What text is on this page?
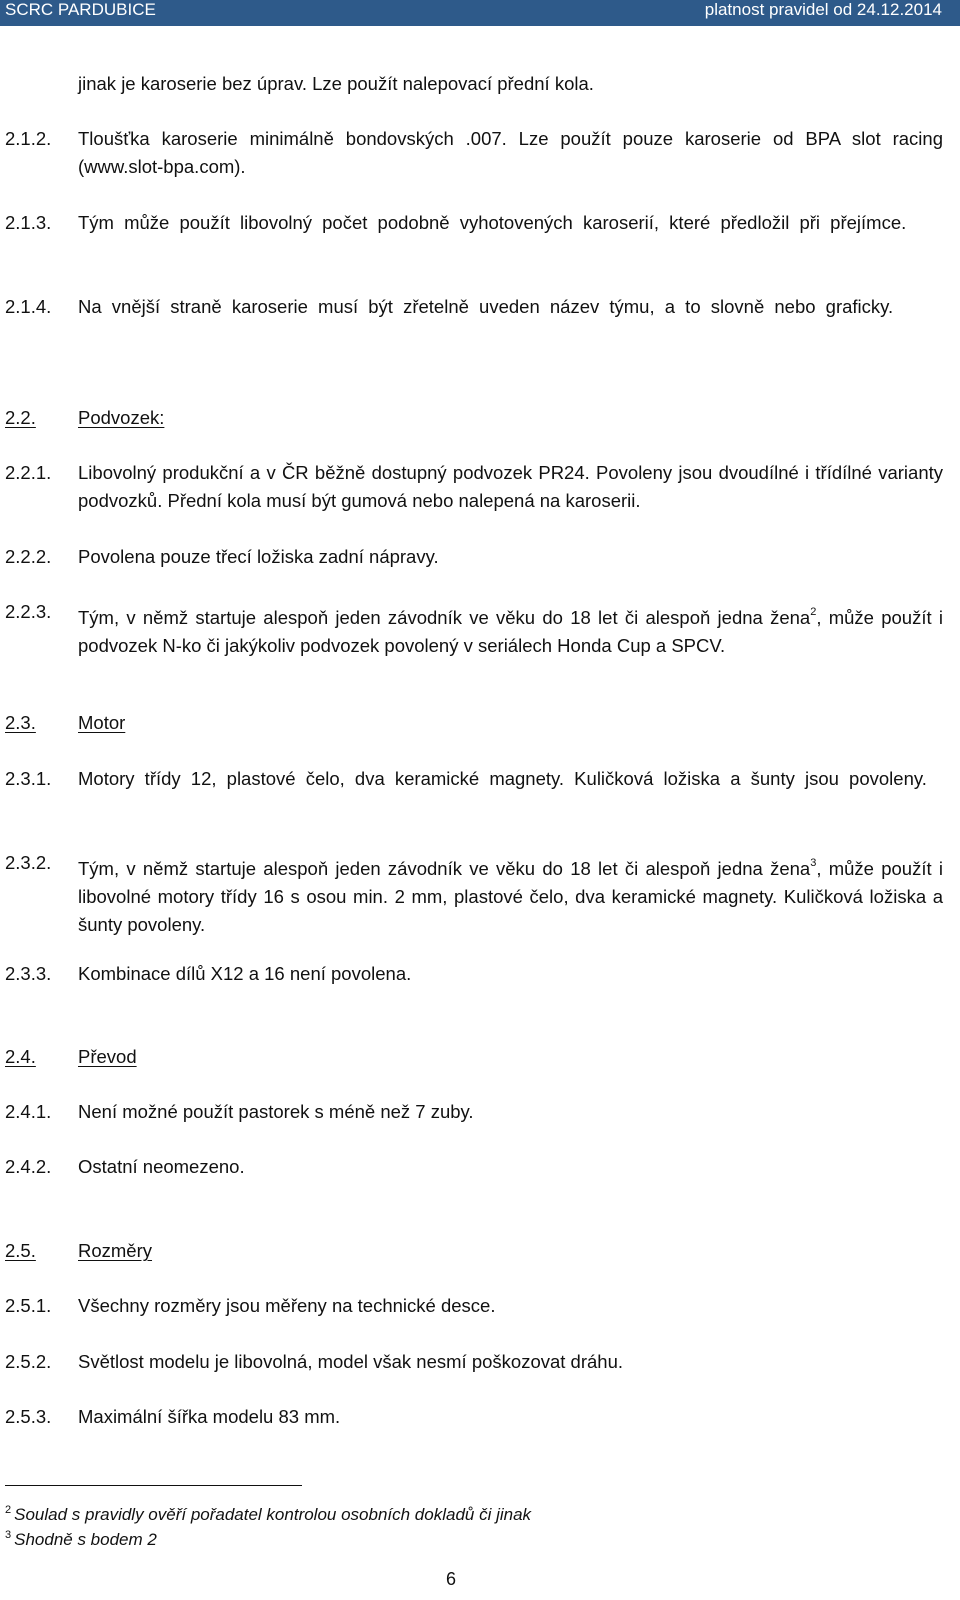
SCRC PARDUBICE	platnost pravidel od 24.12.2014
jinak je karoserie bez úprav. Lze použít nalepovací přední kola.
2.1.2. Tloušťka karoserie minimálně bondovských .007. Lze použít pouze karoserie od BPA slot racing (www.slot-bpa.com).
2.1.3. Tým může použít libovolný počet podobně vyhotovených karoserií, které předložil při přejímce.
2.1.4. Na vnější straně karoserie musí být zřetelně uveden název týmu, a to slovně nebo graficky.
2.2. Podvozek:
2.2.1. Libovolný produkční a v ČR běžně dostupný podvozek PR24. Povoleny jsou dvoudílné i třídílné varianty podvozků. Přední kola musí být gumová nebo nalepená na karoserii.
2.2.2. Povolena pouze třecí ložiska zadní nápravy.
2.2.3. Tým, v němž startuje alespoň jeden závodník ve věku do 18 let či alespoň jedna žena$^2$, může použít i podvozek N-ko či jakýkoliv podvozek povolený v seriálech Honda Cup a SPCV.
2.3. Motor
2.3.1. Motory třídy 12, plastové čelo, dva keramické magnety. Kuličková ložiska a šunty jsou povoleny.
2.3.2. Tým, v němž startuje alespoň jeden závodník ve věku do 18 let či alespoň jedna žena$^3$, může použít i libovolné motory třídy 16 s osou min. 2 mm, plastové čelo, dva keramické magnety. Kuličková ložiska a šunty povoleny.
2.3.3. Kombinace dílů X12 a 16 není povolena.
2.4. Převod
2.4.1. Není možné použít pastorek s méně než 7 zuby.
2.4.2. Ostatní neomezeno.
2.5. Rozměry
2.5.1. Všechny rozměry jsou měřeny na technické desce.
2.5.2. Světlost modelu je libovolná, model však nesmí poškozovat dráhu.
2.5.3. Maximální šířka modelu 83 mm.
$^2$ Soulad s pravidly ověří pořadatel kontrolou osobních dokladů či jinak
$^3$ Shodně s bodem 2
6
